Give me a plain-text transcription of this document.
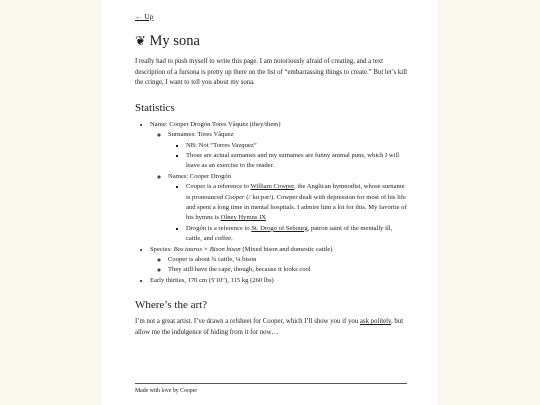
← Up
❦ My sona

I really had to push myself to write this page. I am notoriously afraid of creating, and a text description of a fursona is pretty up there on the list of “embarrassing things to create.” But let’s kill the cringe, I want to tell you about my sona.

Statistics
• Name: Cooper Drogón Tores Vâquez (they/them)
◦ Surnames: Tores Vâquez
▪ NB: Not “Torres Vazquez”
▪ Those are actual surnames and my surnames are funny animal puns, which I will leave as an exercise to the reader.
◦ Names: Cooper Drogón
▪ Cooper is a reference to William Cowper, the Anglican hymnodist, whose surname is pronounced Cooper (/ˈkuːpər/). Cowper dealt with depression for most of his life and spent a long time in mental hospitals. I admire him a lot for this. My favorite of his hymns is Olney Hymns IX
▪ Drogón is a reference to St. Drogo of Sebourg, patron saint of the mentally ill, cattle, and coffee.
• Species: Bos taurus × Bison bison (Mixed bison and domestic cattle)
◦ Cooper is about ¾ cattle, ¼ bison
◦ They still have the cape, though, because it looks cool
• Early thirties, 170 cm (5′10″), 115 kg (260 lbs)
Where’s the art?

I’m not a great artist. I’ve drawn a refsheet for Cooper, which I’ll show you if you ask politely, but allow me the indulgence of hiding from it for now…

Made with love by Cooper
